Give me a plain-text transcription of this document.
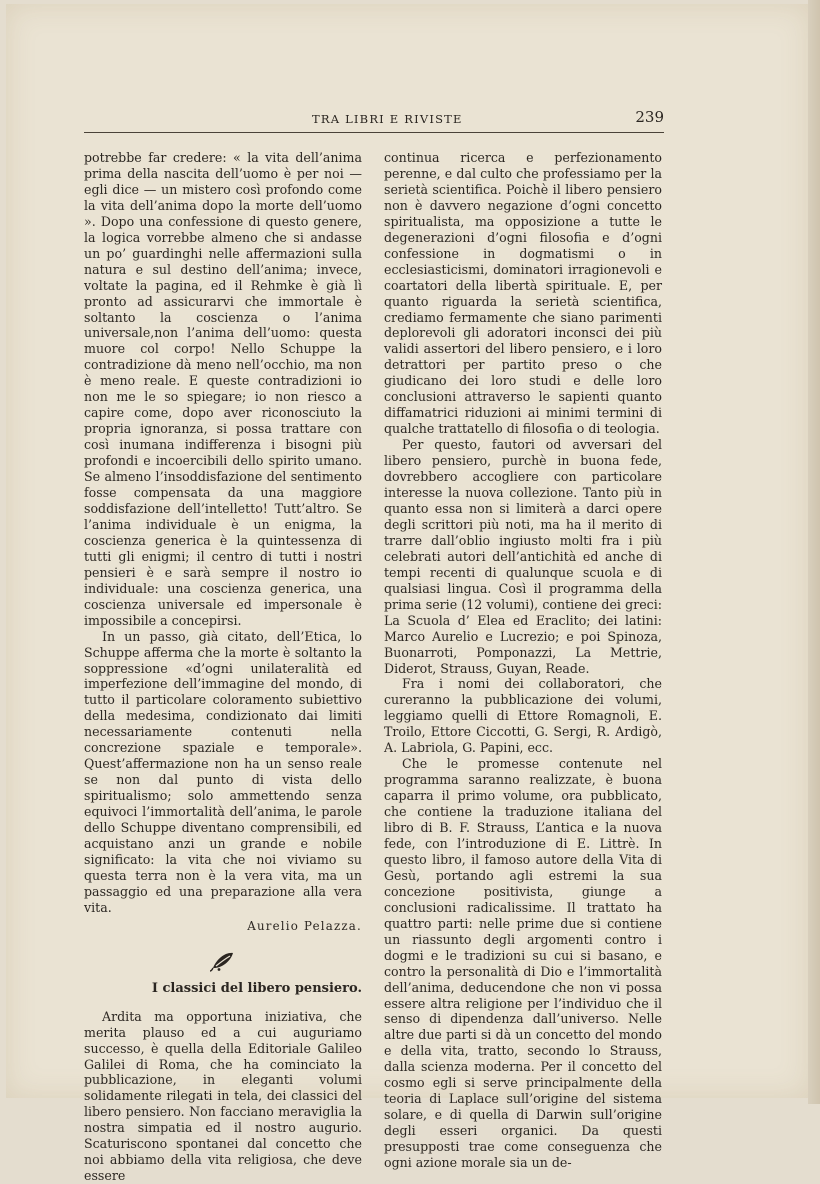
TRA LIBRI E RIVISTE	239

potrebbe far credere: « la vita dell’anima prima della nascita dell’uomo è per noi — egli dice — un mistero così profondo come la vita dell’anima dopo la morte dell’uomo ». Dopo una confessione di questo genere, la logica vorrebbe almeno che si andasse un po’ guardinghi nelle affermazioni sulla natura e sul destino dell’anima; invece, voltate la pagina, ed il Rehmke è già lì pronto ad assicurarvi che immortale è soltanto la coscienza o l’anima universale,non l’anima dell’uomo: questa muore col corpo! Nello Schuppe la contradizione dà meno nell’occhio, ma non è meno reale. E queste contradizioni io non me le so spiegare; io non riesco a capire come, dopo aver riconosciuto la propria ignoranza, si possa trattare con così inumana indifferenza i bisogni più profondi e incoercibili dello spirito umano. Se almeno l’insoddisfazione del sentimento fosse compensata da una maggiore soddisfazione dell’intelletto! Tutt’altro. Se l’anima individuale è un enigma, la coscienza generica è la quintessenza di tutti gli enigmi; il centro di tutti i nostri pensieri è e sarà sempre il nostro io individuale: una coscienza generica, una coscienza universale ed impersonale è impossibile a concepirsi.

In un passo, già citato, dell’Etica, lo Schuppe afferma che la morte è soltanto la soppressione «d’ogni unilateralità ed imperfezione dell’immagine del mondo, di tutto il particolare coloramento subiettivo della medesima, condizionato dai limiti necessariamente contenuti nella concrezione spaziale e temporale». Quest’affermazione non ha un senso reale se non dal punto di vista dello spiritualismo; solo ammettendo senza equivoci l’immortalità dell’anima, le parole dello Schuppe diventano comprensibili, ed acquistano anzi un grande e nobile significato: la vita che noi viviamo su questa terra non è la vera vita, ma un passaggio ed una preparazione alla vera vita.

Aurelio Pelazza.

I classici del libero pensiero.

Ardita ma opportuna iniziativa, che merita plauso ed a cui auguriamo successo, è quella della Editoriale Galileo Galilei di Roma, che ha cominciato la pubblicazione, in eleganti volumi solidamente rilegati in tela, dei classici del libero pensiero. Non facciano meraviglia la nostra simpatia ed il nostro augurio. Scaturiscono spontanei dal concetto che noi abbiamo della vita religiosa, che deve essere

continua ricerca e perfezionamento perenne, e dal culto che professiamo per la serietà scientifica. Poichè il libero pensiero non è davvero negazione d’ogni concetto spiritualista, ma opposizione a tutte le degenerazioni d’ogni filosofia e d’ogni confessione in dogmatismi o in ecclesiasticismi, dominatori irragionevoli e coartatori della libertà spirituale. E, per quanto riguarda la serietà scientifica, crediamo fermamente che siano parimenti deplorevoli gli adoratori inconsci dei più validi assertori del libero pensiero, e i loro detrattori per partito preso o che giudicano dei loro studi e delle loro conclusioni attraverso le sapienti quanto diffamatrici riduzioni ai minimi termini di qualche trattatello di filosofia o di teologia.

Per questo, fautori od avversari del libero pensiero, purchè in buona fede, dovrebbero accogliere con particolare interesse la nuova collezione. Tanto più in quanto essa non si limiterà a darci opere degli scrittori più noti, ma ha il merito di trarre dall’oblio ingiusto molti fra i più celebrati autori dell’antichità ed anche di tempi recenti di qualunque scuola e di qualsiasi lingua. Così il programma della prima serie (12 volumi), contiene dei greci: La Scuola d’ Elea ed Eraclito; dei latini: Marco Aurelio e Lucrezio; e poi Spinoza, Buonarroti, Pomponazzi, La Mettrie, Diderot, Strauss, Guyan, Reade.

Fra i nomi dei collaboratori, che cureranno la pubblicazione dei volumi, leggiamo quelli di Ettore Romagnoli, E. Troilo, Ettore Ciccotti, G. Sergi, R. Ardigò, A. Labriola, G. Papini, ecc.

Che le promesse contenute nel programma saranno realizzate, è buona caparra il primo volume, ora pubblicato, che contiene la traduzione italiana del libro di B. F. Strauss, L’antica e la nuova fede, con l’introduzione di E. Littrè. In questo libro, il famoso autore della Vita di Gesù, portando agli estremi la sua concezione positivista, giunge a conclusioni radicalissime. Il trattato ha quattro parti: nelle prime due si contiene un riassunto degli argomenti contro i dogmi e le tradizioni su cui si basano, e contro la personalità di Dio e l’immortalità dell’anima, deducendone che non vi possa essere altra religione per l’individuo che il senso di dipendenza dall’universo. Nelle altre due parti si dà un concetto del mondo e della vita, tratto, secondo lo Strauss, dalla scienza moderna. Per il concetto del cosmo egli si serve principalmente della teoria di Laplace sull’origine del sistema solare, e di quella di Darwin sull’origine degli esseri organici. Da questi presupposti trae come conseguenza che ogni azione morale sia un de-
